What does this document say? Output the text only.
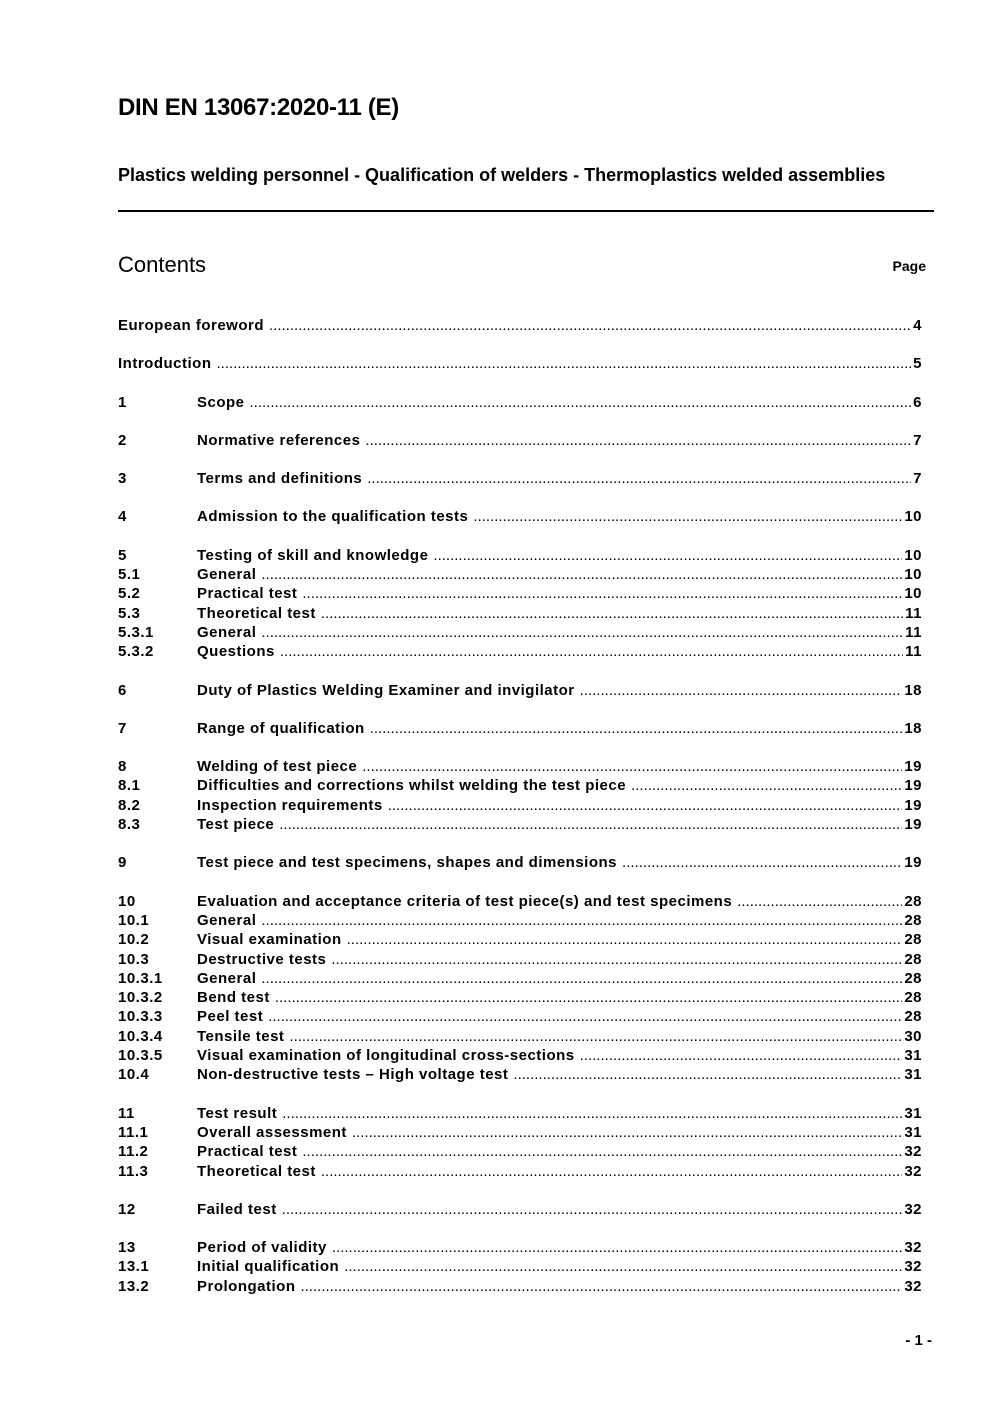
DIN EN 13067:2020-11 (E)
Plastics welding personnel - Qualification of welders - Thermoplastics welded assemblies
Contents	Page
European foreword .....	4
Introduction .....	5
1	Scope .....	6
2	Normative references .....	7
3	Terms and definitions .....	7
4	Admission to the qualification tests .....	10
5	Testing of skill and knowledge .....	10
5.1	General .....	10
5.2	Practical test .....	10
5.3	Theoretical test .....	11
5.3.1	General .....	11
5.3.2	Questions .....	11
6	Duty of Plastics Welding Examiner and invigilator .....	18
7	Range of qualification .....	18
8	Welding of test piece .....	19
8.1	Difficulties and corrections whilst welding the test piece .....	19
8.2	Inspection requirements .....	19
8.3	Test piece .....	19
9	Test piece and test specimens, shapes and dimensions .....	19
10	Evaluation and acceptance criteria of test piece(s) and test specimens .....	28
10.1	General .....	28
10.2	Visual examination .....	28
10.3	Destructive tests .....	28
10.3.1 General .....	28
10.3.2 Bend test .....	28
10.3.3 Peel test .....	28
10.3.4 Tensile test .....	30
10.3.5 Visual examination of longitudinal cross-sections .....	31
10.4	Non-destructive tests – High voltage test .....	31
11	Test result .....	31
11.1	Overall assessment .....	31
11.2	Practical test .....	32
11.3	Theoretical test .....	32
12	Failed test .....	32
13	Period of validity .....	32
13.1	Initial qualification .....	32
13.2	Prolongation .....	32
- 1 -
